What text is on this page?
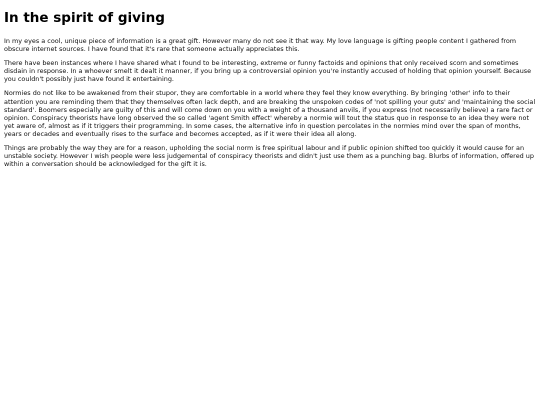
In the spirit of giving

In my eyes a cool, unique piece of information is a great gift. However many do not see it that way. My love language is gifting people content I gathered from obscure internet sources. I have found that it's rare that someone actually appreciates this.

There have been instances where I have shared what I found to be interesting, extreme or funny factoids and opinions that only received scorn and sometimes disdain in response. In a whoever smelt it dealt it manner, if you bring up a controversial opinion you're instantly accused of holding that opinion yourself. Because you couldn't possibly just have found it entertaining.

Normies do not like to be awakened from their stupor, they are comfortable in a world where they feel they know everything. By bringing 'other' info to their attention you are reminding them that they themselves often lack depth, and are breaking the unspoken codes of 'not spilling your guts' and 'maintaining the social standard'. Boomers especially are guilty of this and will come down on you with a weight of a thousand anvils, if you express (not necessarily believe) a rare fact or opinion. Conspiracy theorists have long observed the so called 'agent Smith effect' whereby a normie will tout the status quo in response to an idea they were not yet aware of, almost as if it triggers their programming. In some cases, the alternative info in question percolates in the normies mind over the span of months, years or decades and eventually rises to the surface and becomes accepted, as if it were their idea all along.

Things are probably the way they are for a reason, upholding the social norm is free spiritual labour and if public opinion shifted too quickly it would cause for an unstable society. However I wish people were less judgemental of conspiracy theorists and didn't just use them as a punching bag. Blurbs of information, offered up within a conversation should be acknowledged for the gift it is.
